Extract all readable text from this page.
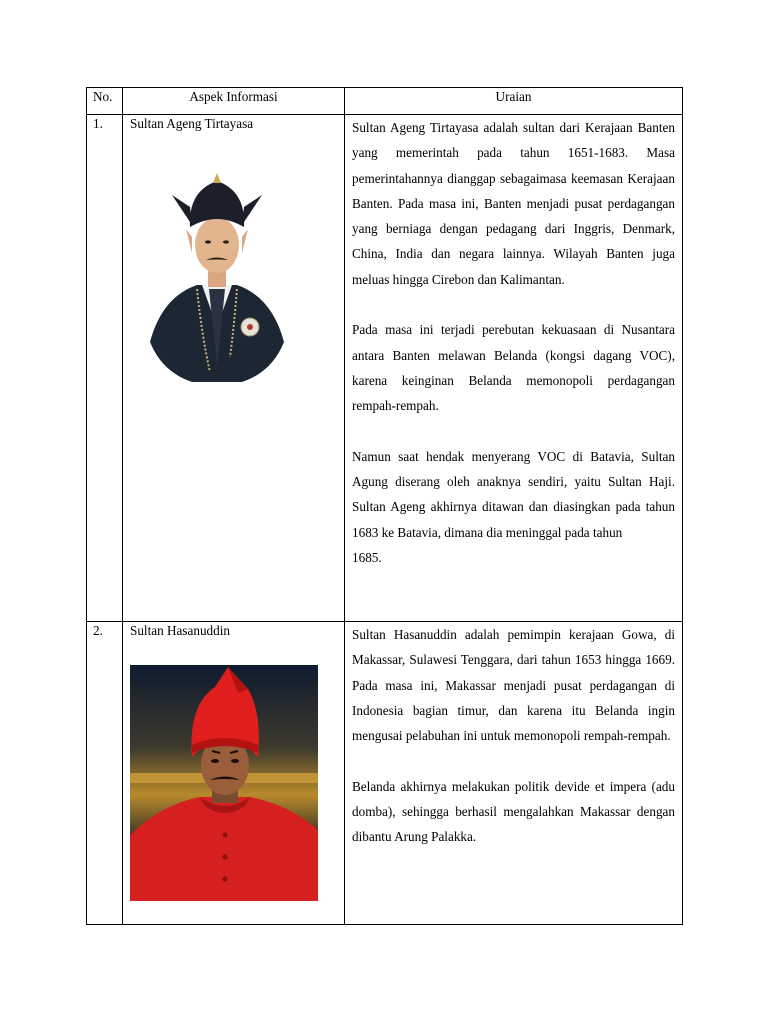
No.	Aspek Informasi	Uraian
1.	Sultan Ageng Tirtayasa	Sultan Ageng Tirtayasa adalah sultan dari Kerajaan Banten yang memerintah pada tahun 1651-1683. Masa pemerintahannya dianggap sebagaimasa keemasan Kerajaan Banten. Pada masa ini, Banten menjadi pusat perdagangan yang berniaga dengan pedagang dari Inggris, Denmark, China, India dan negara lainnya. Wilayah Banten juga meluas hingga Cirebon dan Kalimantan.

Pada masa ini terjadi perebutan kekuasaan di Nusantara antara Banten melawan Belanda (kongsi dagang VOC), karena keinginan Belanda memonopoli perdagangan rempah-rempah.

Namun saat hendak menyerang VOC di Batavia, Sultan Agung diserang oleh anaknya sendiri, yaitu Sultan Haji. Sultan Ageng akhirnya ditawan dan diasingkan pada tahun 1683 ke Batavia, dimana dia meninggal pada tahun

1685.

2.	Sultan Hasanuddin	Sultan Hasanuddin adalah pemimpin kerajaan Gowa, di Makassar, Sulawesi Tenggara, dari tahun 1653 hingga 1669. Pada masa ini, Makassar menjadi pusat perdagangan di Indonesia bagian timur, dan karena itu Belanda ingin mengusai pelabuhan ini untuk memonopoli rempah-rempah.

Belanda akhirnya melakukan politik devide et impera (adu domba), sehingga berhasil mengalahkan Makassar dengan dibantu Arung Palakka.
